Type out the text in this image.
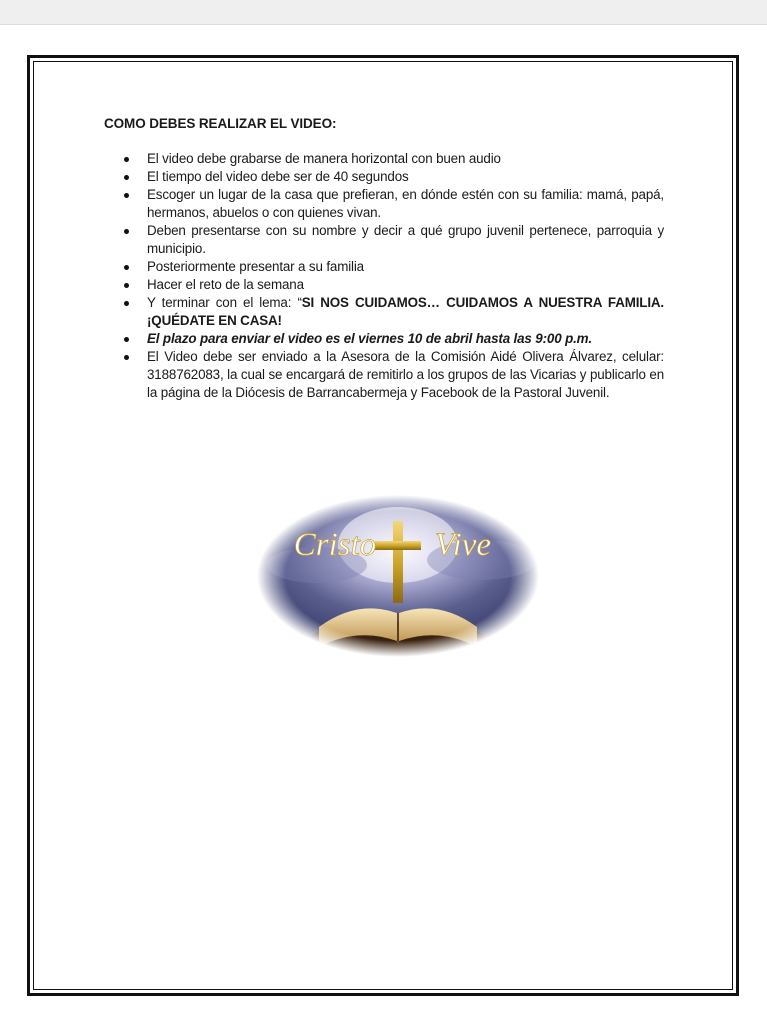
COMO DEBES REALIZAR EL VIDEO:
El video debe grabarse de manera horizontal con buen audio
El tiempo del video debe ser de 40 segundos
Escoger un lugar de la casa que prefieran, en dónde estén con su familia: mamá, papá, hermanos, abuelos o con quienes vivan.
Deben presentarse con su nombre y decir a qué grupo juvenil pertenece, parroquia y municipio.
Posteriormente presentar a su familia
Hacer el reto de la semana
Y terminar con el lema: “SI NOS CUIDAMOS… CUIDAMOS A NUESTRA FAMILIA. ¡QUÉDATE EN CASA!
El plazo para enviar el video es el viernes 10 de abril hasta las 9:00 p.m.
El Video debe ser enviado a la Asesora de la Comisión Aidé Olivera Álvarez, celular: 3188762083, la cual se encargará de remitirlo a los grupos de las Vicarias y publicarlo en la página de la Diócesis de Barrancabermeja y Facebook de la Pastoral Juvenil.
Cristo Vive
